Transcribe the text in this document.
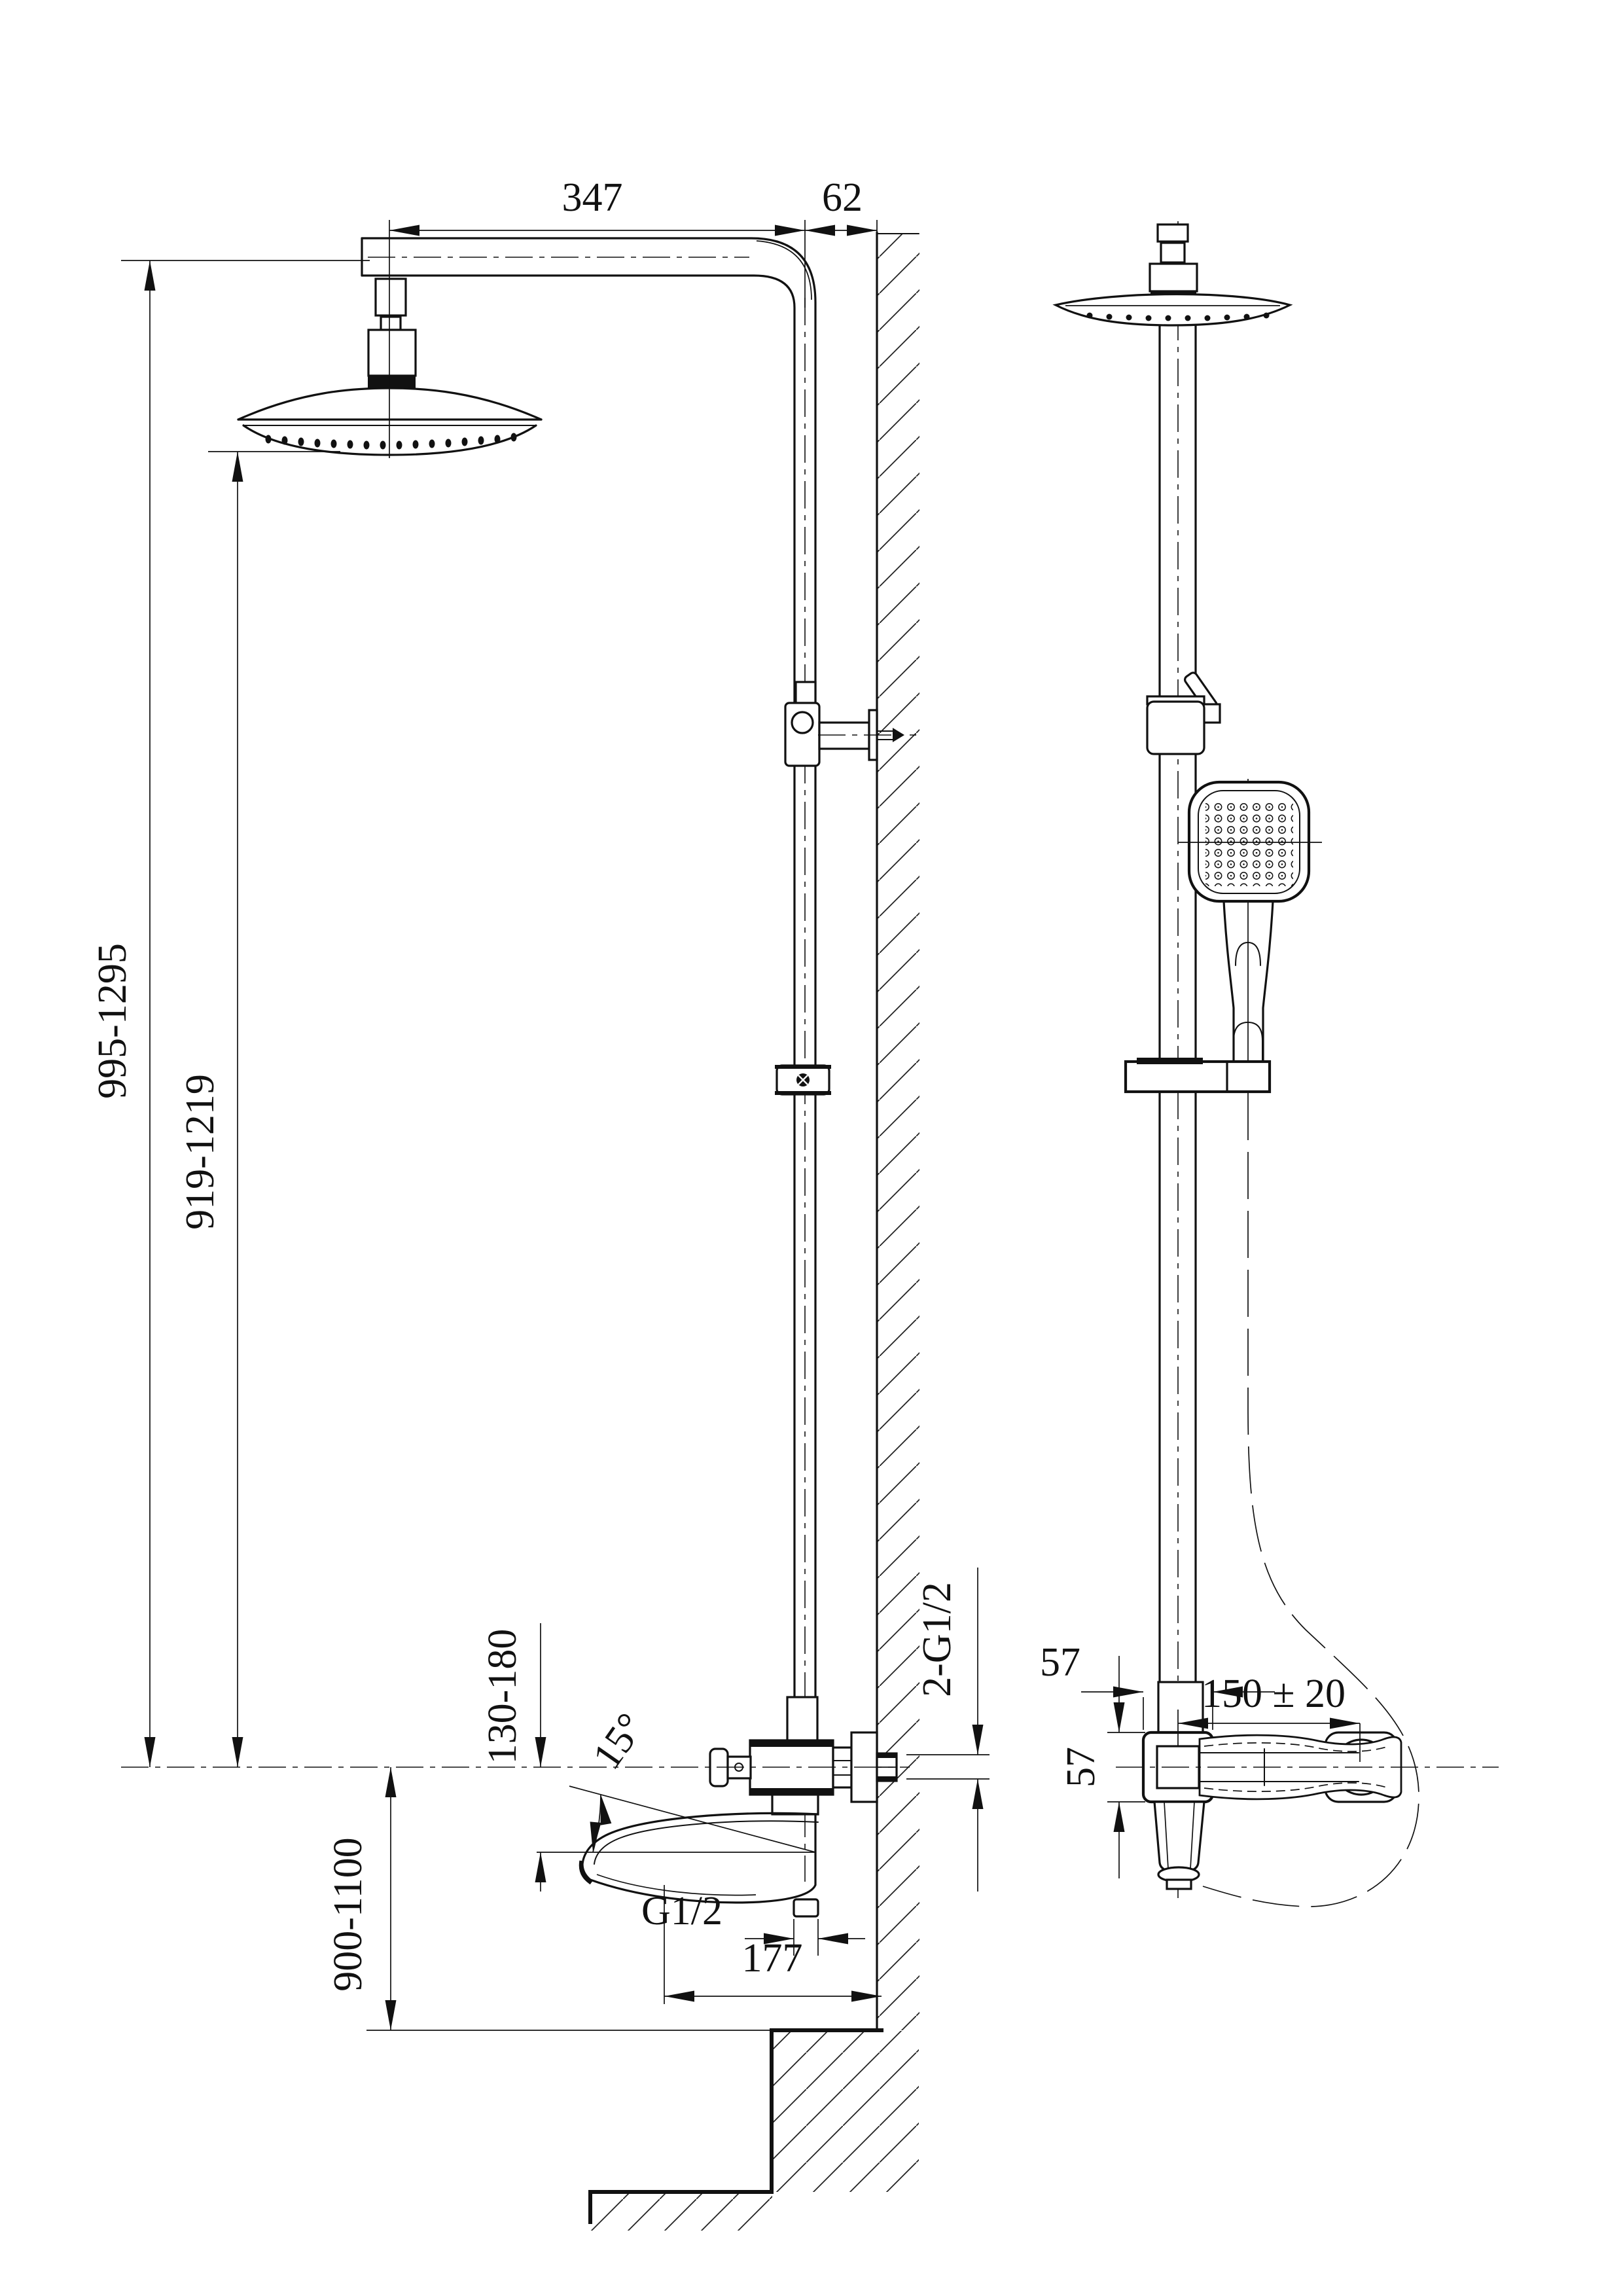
347	62
995-1295
919-1219
900-1100
130-180 15°
G1/2
177
2-G1/2
57
57
150 ± 20
